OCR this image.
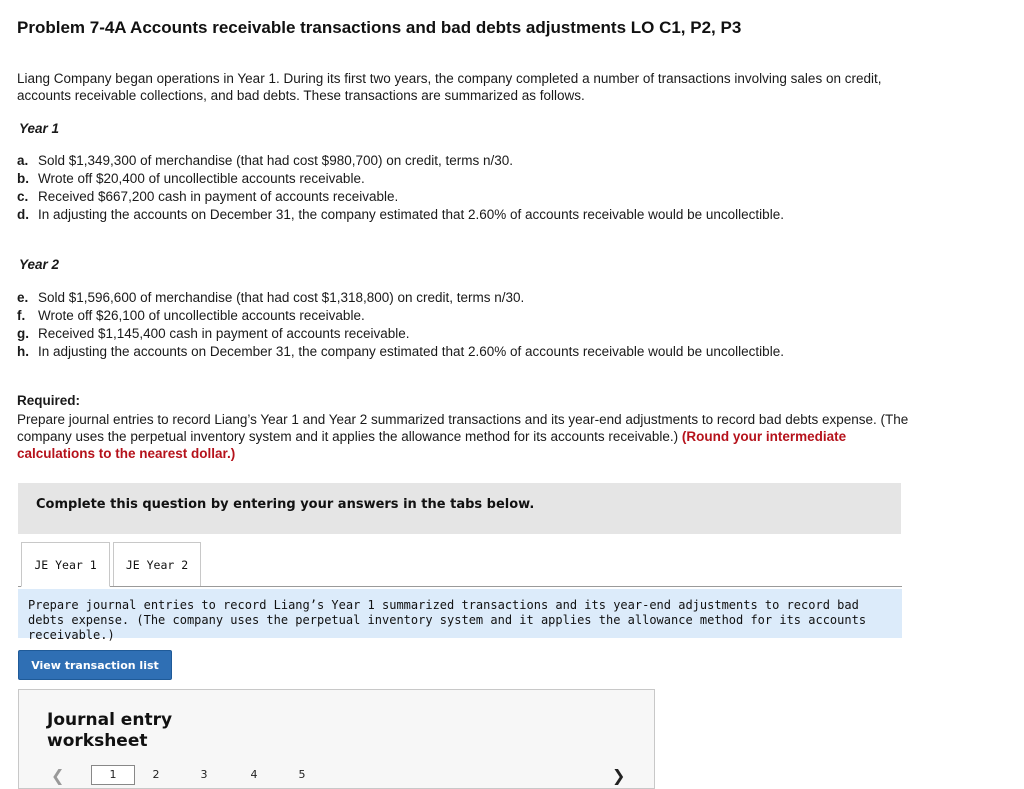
Problem 7-4A Accounts receivable transactions and bad debts adjustments LO C1, P2, P3

Liang Company began operations in Year 1. During its first two years, the company completed a number of transactions involving sales on credit, accounts receivable collections, and bad debts. These transactions are summarized as follows.

Year 1

a. Sold $1,349,300 of merchandise (that had cost $980,700) on credit, terms n/30.
b. Wrote off $20,400 of uncollectible accounts receivable.
c. Received $667,200 cash in payment of accounts receivable.
d. In adjusting the accounts on December 31, the company estimated that 2.60% of accounts receivable would be uncollectible.

Year 2

e. Sold $1,596,600 of merchandise (that had cost $1,318,800) on credit, terms n/30.
f. Wrote off $26,100 of uncollectible accounts receivable.
g. Received $1,145,400 cash in payment of accounts receivable.
h. In adjusting the accounts on December 31, the company estimated that 2.60% of accounts receivable would be uncollectible.

Required:

Prepare journal entries to record Liang’s Year 1 and Year 2 summarized transactions and its year-end adjustments to record bad debts expense. (The company uses the perpetual inventory system and it applies the allowance method for its accounts receivable.) (Round your intermediate calculations to the nearest dollar.)

Complete this question by entering your answers in the tabs below.
JE Year 1	JE Year 2
Prepare journal entries to record Liang’s Year 1 summarized transactions and its year-end adjustments to record bad debts expense. (The company uses the perpetual inventory system and it applies the allowance method for its accounts receivable.)
View transaction list
Journal entry worksheet
❮	1	2	3	4	5	❯
